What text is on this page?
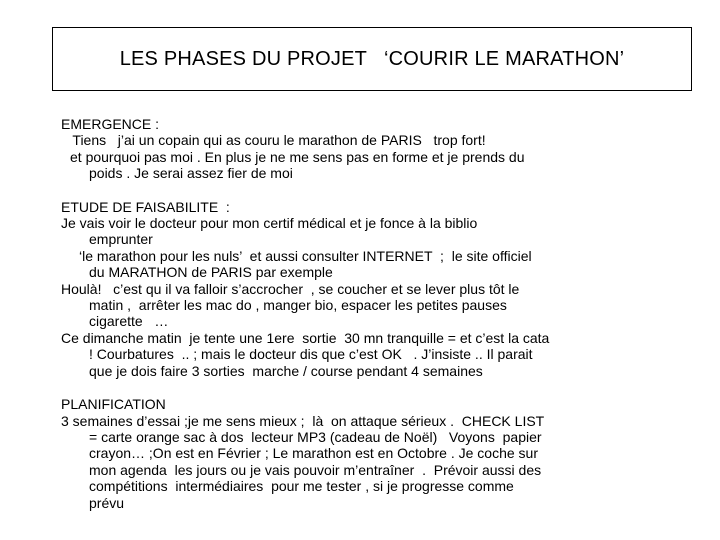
LES PHASES DU PROJET   ‘COURIR LE MARATHON’

EMERGENCE :

Tiens   j’ai un copain qui as couru le marathon de PARIS   trop fort!

et pourquoi pas moi . En plus je ne me sens pas en forme et je prends du

poids . Je serai assez fier de moi

ETUDE DE FAISABILITE  :

Je vais voir le docteur pour mon certif médical et je fonce à la biblio

emprunter

‘le marathon pour les nuls’  et aussi consulter INTERNET  ;  le site officiel

du MARATHON de PARIS par exemple

Houlà!   c’est qu il va falloir s’accrocher  , se coucher et se lever plus tôt le

matin ,  arrêter les mac do , manger bio, espacer les petites pauses

cigarette   …

Ce dimanche matin  je tente une 1ere  sortie  30 mn tranquille = et c’est la cata

! Courbatures  .. ; mais le docteur dis que c’est OK   . J’insiste .. Il parait

que je dois faire 3 sorties  marche / course pendant 4 semaines

PLANIFICATION

3 semaines d’essai ;je me sens mieux ;  là  on attaque sérieux .  CHECK LIST

= carte orange sac à dos  lecteur MP3 (cadeau de Noël)   Voyons  papier

crayon… ;On est en Février ; Le marathon est en Octobre . Je coche sur

mon agenda  les jours ou je vais pouvoir m’entraîner  .  Prévoir aussi des

compétitions  intermédiaires  pour me tester , si je progresse comme

prévu
